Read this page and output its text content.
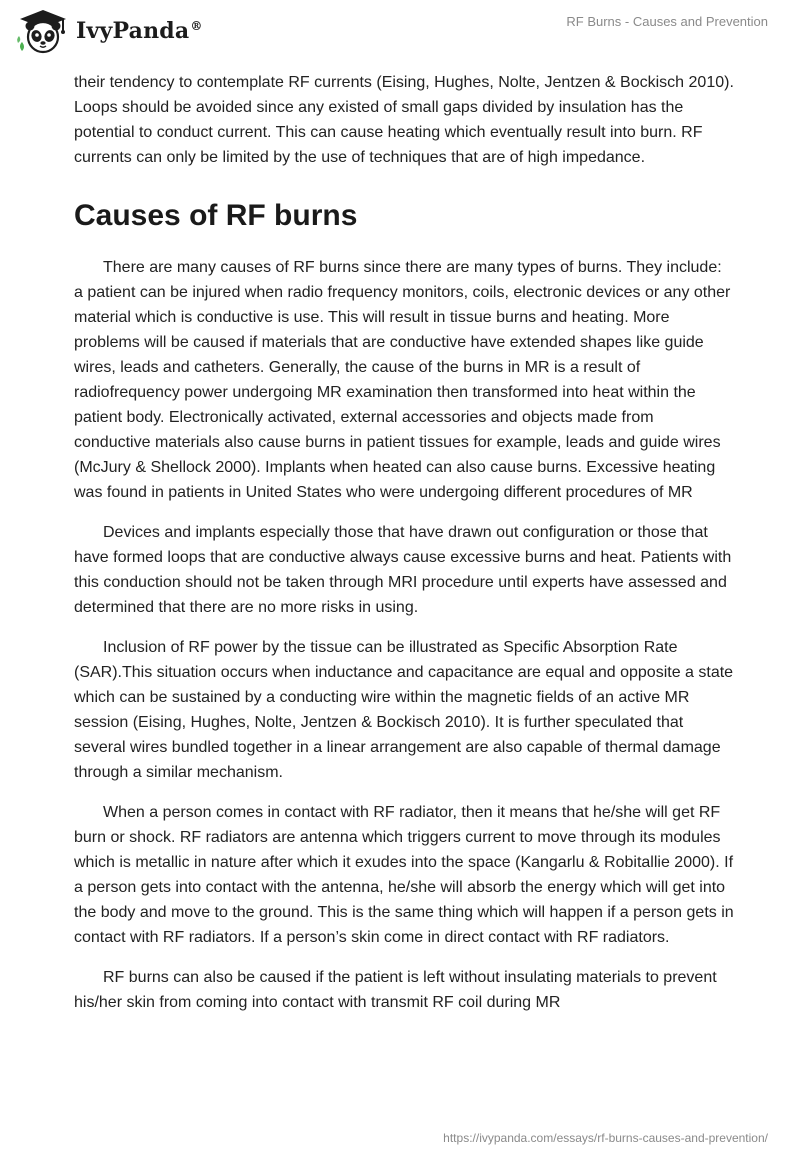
IvyPanda®	RF Burns - Causes and Prevention

their tendency to contemplate RF currents (Eising, Hughes, Nolte, Jentzen & Bockisch 2010). Loops should be avoided since any existed of small gaps divided by insulation has the potential to conduct current. This can cause heating which eventually result into burn. RF currents can only be limited by the use of techniques that are of high impedance.

Causes of RF burns

There are many causes of RF burns since there are many types of burns. They include: a patient can be injured when radio frequency monitors, coils, electronic devices or any other material which is conductive is use. This will result in tissue burns and heating. More problems will be caused if materials that are conductive have extended shapes like guide wires, leads and catheters. Generally, the cause of the burns in MR is a result of radiofrequency power undergoing MR examination then transformed into heat within the patient body. Electronically activated, external accessories and objects made from conductive materials also cause burns in patient tissues for example, leads and guide wires (McJury & Shellock 2000). Implants when heated can also cause burns. Excessive heating was found in patients in United States who were undergoing different procedures of MR

Devices and implants especially those that have drawn out configuration or those that have formed loops that are conductive always cause excessive burns and heat. Patients with this conduction should not be taken through MRI procedure until experts have assessed and determined that there are no more risks in using.

Inclusion of RF power by the tissue can be illustrated as Specific Absorption Rate (SAR).This situation occurs when inductance and capacitance are equal and opposite a state which can be sustained by a conducting wire within the magnetic fields of an active MR session (Eising, Hughes, Nolte, Jentzen & Bockisch 2010). It is further speculated that several wires bundled together in a linear arrangement are also capable of thermal damage through a similar mechanism.

When a person comes in contact with RF radiator, then it means that he/she will get RF burn or shock. RF radiators are antenna which triggers current to move through its modules which is metallic in nature after which it exudes into the space (Kangarlu & Robitallie 2000). If a person gets into contact with the antenna, he/she will absorb the energy which will get into the body and move to the ground. This is the same thing which will happen if a person gets in contact with RF radiators. If a person’s skin come in direct contact with RF radiators.

RF burns can also be caused if the patient is left without insulating materials to prevent his/her skin from coming into contact with transmit RF coil during MR

https://ivypanda.com/essays/rf-burns-causes-and-prevention/
